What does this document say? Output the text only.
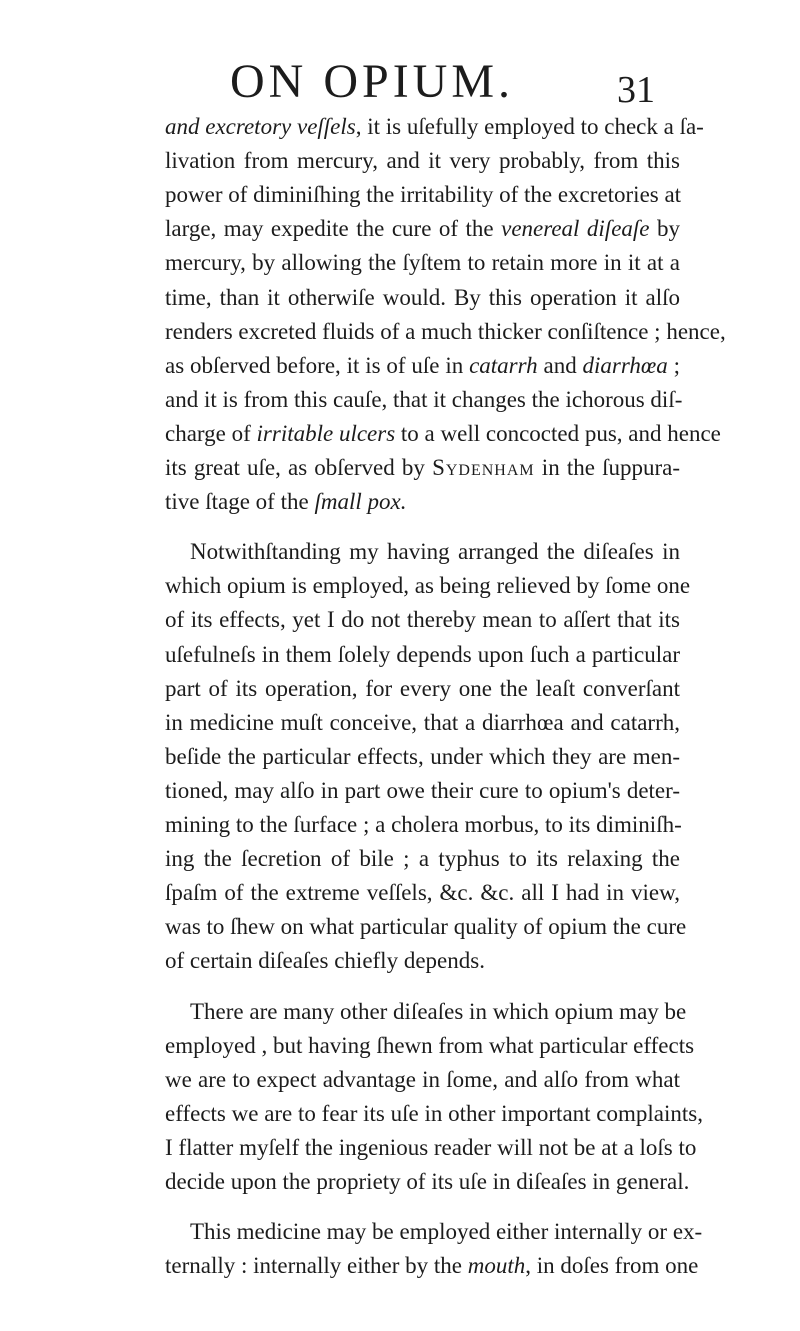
ON OPIUM.	31
and excretory veſſels, it is uſefully employed to check a ſa-
livation from mercury, and it very probably, from this
power of diminiſhing the irritability of the excretories at
large, may expedite the cure of the venereal diſeaſe by
mercury, by allowing the ſyſtem to retain more in it at a
time, than it otherwiſe would. By this operation it alſo
renders excreted fluids of a much thicker conſiſtence ; hence,
as obſerved before, it is of uſe in catarrh and diarrhœa ;
and it is from this cauſe, that it changes the ichorous diſ-
charge of irritable ulcers to a well concocted pus, and hence
its great uſe, as obſerved by Sydenham in the ſuppura-
tive ſtage of the ſmall pox.
Notwithſtanding my having arranged the diſeaſes in
which opium is employed, as being relieved by ſome one
of its effects, yet I do not thereby mean to aſſert that its
uſefulneſs in them ſolely depends upon ſuch a particular
part of its operation, for every one the leaſt converſant
in medicine muſt conceive, that a diarrhœa and catarrh,
beſide the particular effects, under which they are men-
tioned, may alſo in part owe their cure to opium's deter-
mining to the ſurface ; a cholera morbus, to its diminiſh-
ing the ſecretion of bile ; a typhus to its relaxing the
ſpaſm of the extreme veſſels, &c. &c. all I had in view,
was to ſhew on what particular quality of opium the cure
of certain diſeaſes chiefly depends.
There are many other diſeaſes in which opium may be
employed , but having ſhewn from what particular effects
we are to expect advantage in ſome, and alſo from what
effects we are to fear its uſe in other important complaints,
I flatter myſelf the ingenious reader will not be at a loſs to
decide upon the propriety of its uſe in diſeaſes in general.
This medicine may be employed either internally or ex-
ternally : internally either by the mouth, in doſes from one
